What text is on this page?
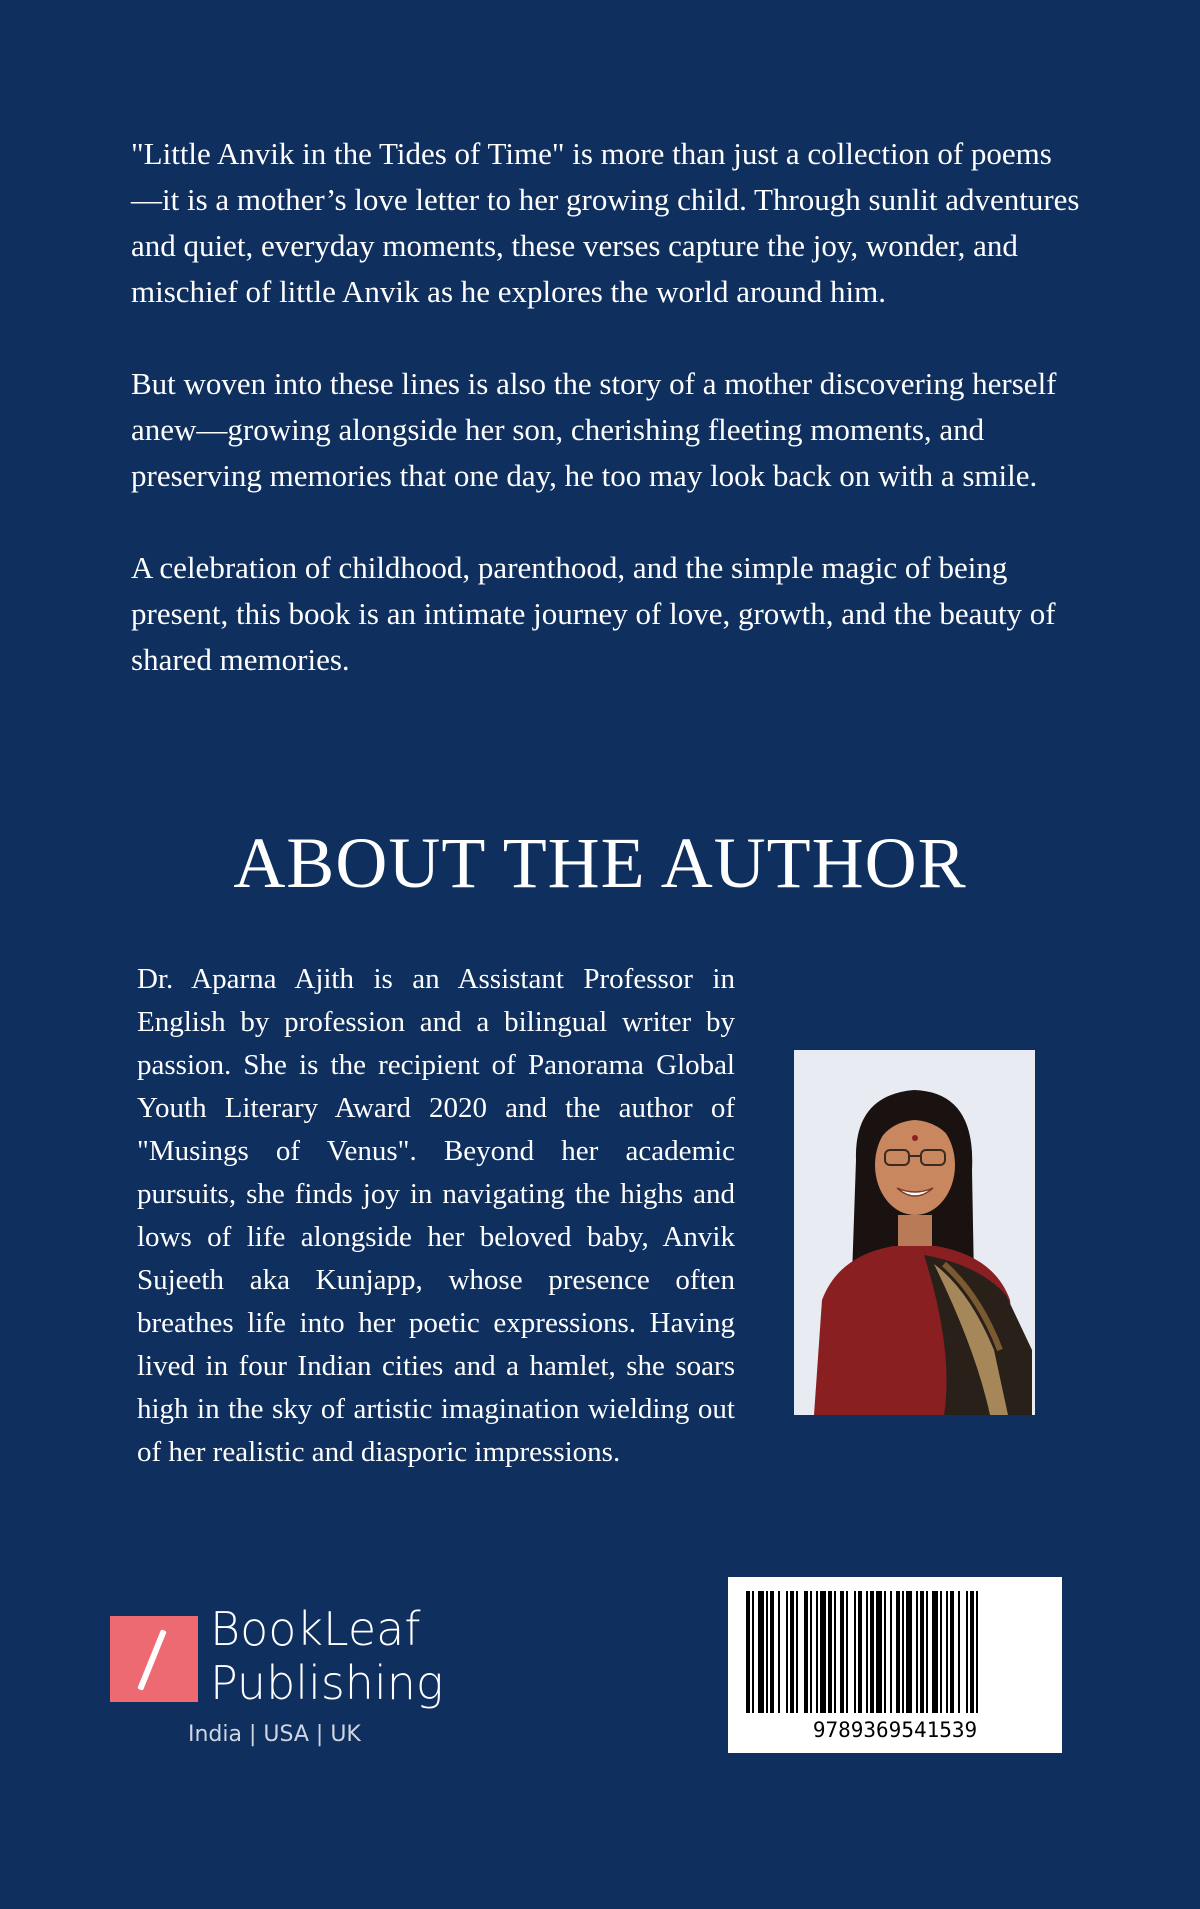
"Little Anvik in the Tides of Time" is more than just a collection of poems—it is a mother’s love letter to her growing child. Through sunlit adventures and quiet, everyday moments, these verses capture the joy, wonder, and mischief of little Anvik as he explores the world around him.

But woven into these lines is also the story of a mother discovering herself anew—growing alongside her son, cherishing fleeting moments, and preserving memories that one day, he too may look back on with a smile.

A celebration of childhood, parenthood, and the simple magic of being present, this book is an intimate journey of love, growth, and the beauty of shared memories.

ABOUT THE AUTHOR
Dr. Aparna Ajith is an Assistant Professor in English by profession and a bilingual writer by passion. She is the recipient of Panorama Global Youth Literary Award 2020 and the author of "Musings of Venus". Beyond her academic pursuits, she finds joy in navigating the highs and lows of life alongside her beloved baby, Anvik Sujeeth aka Kunjapp, whose presence often breathes life into her poetic expressions. Having lived in four Indian cities and a hamlet, she soars high in the sky of artistic imagination wielding out of her realistic and diasporic impressions.
BookLeaf
Publishing
India | USA | UK	9789369541539
